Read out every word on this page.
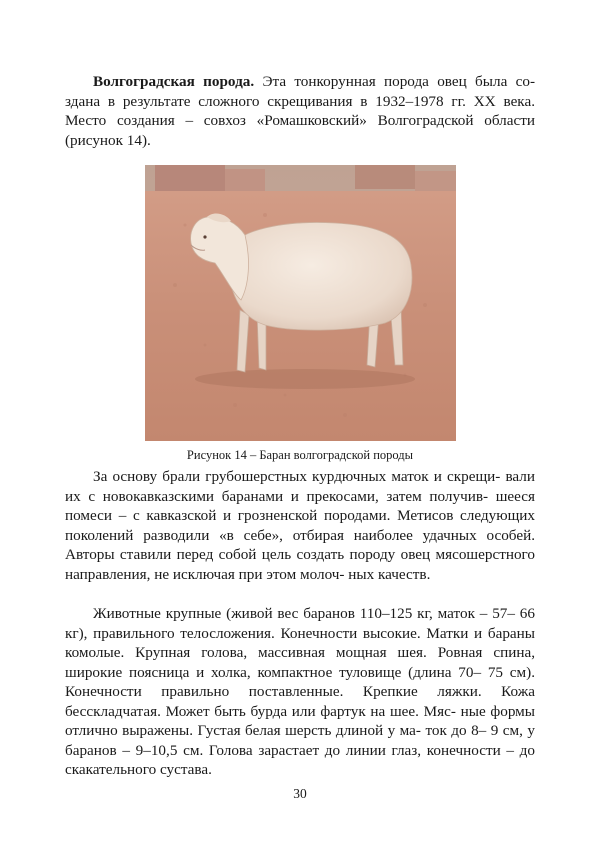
Волгоградская порода. Эта тонкорунная порода овец была со- здана в результате сложного скрещивания в 1932–1978 гг. XX века. Место создания – совхоз «Ромашковский» Волгоградской области (рисунок 14).

Рисунок 14 – Баран волгоградской породы

За основу брали грубошерстных курдючных маток и скрещи- вали их с новокавказскими баранами и прекосами, затем получив- шееся помеси – с кавказской и грозненской породами. Метисов следующих поколений разводили «в себе», отбирая наиболее удачных особей. Авторы ставили перед собой цель создать породу овец мясошерстного направления, не исключая при этом молоч- ных качеств.

Животные крупные (живой вес баранов 110–125 кг, маток – 57– 66 кг), правильного телосложения. Конечности высокие. Матки и бараны комолые. Крупная голова, массивная мощная шея. Ровная спина, широкие поясница и холка, компактное туловище (длина 70– 75 см). Конечности правильно поставленные. Крепкие ляжки. Кожа бесскладчатая. Может быть бурда или фартук на шее. Мяс- ные формы отлично выражены. Густая белая шерсть длиной у ма- ток до 8– 9 см, у баранов – 9–10,5 см. Голова зарастает до линии глаз, конечности – до скакательного сустава.

30
